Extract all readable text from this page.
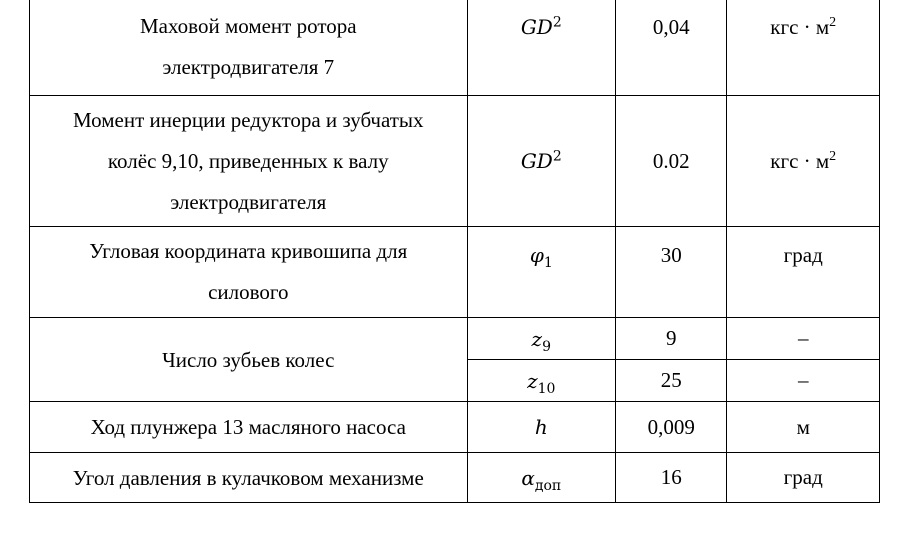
Маховой момент ротора
электродвигателя 7	$GD^2$	0,04	кгс · $м^2$

Момент инерции редуктора и зубчатых
колёс 9,10, приведенных к валу
электродвигателя	$GD^2$	0.02	кгс · $м^2$

Угловая координата кривошипа для
силового	$\varphi_1$	30	град

Число зубьев колес	$z_9$	9	–
	$z_{10}$	25	–

Ход плунжера 13 масляного насоса	h	0,009	м

Угол давления в кулачковом механизме	$\alpha_{доп}$	16	град
